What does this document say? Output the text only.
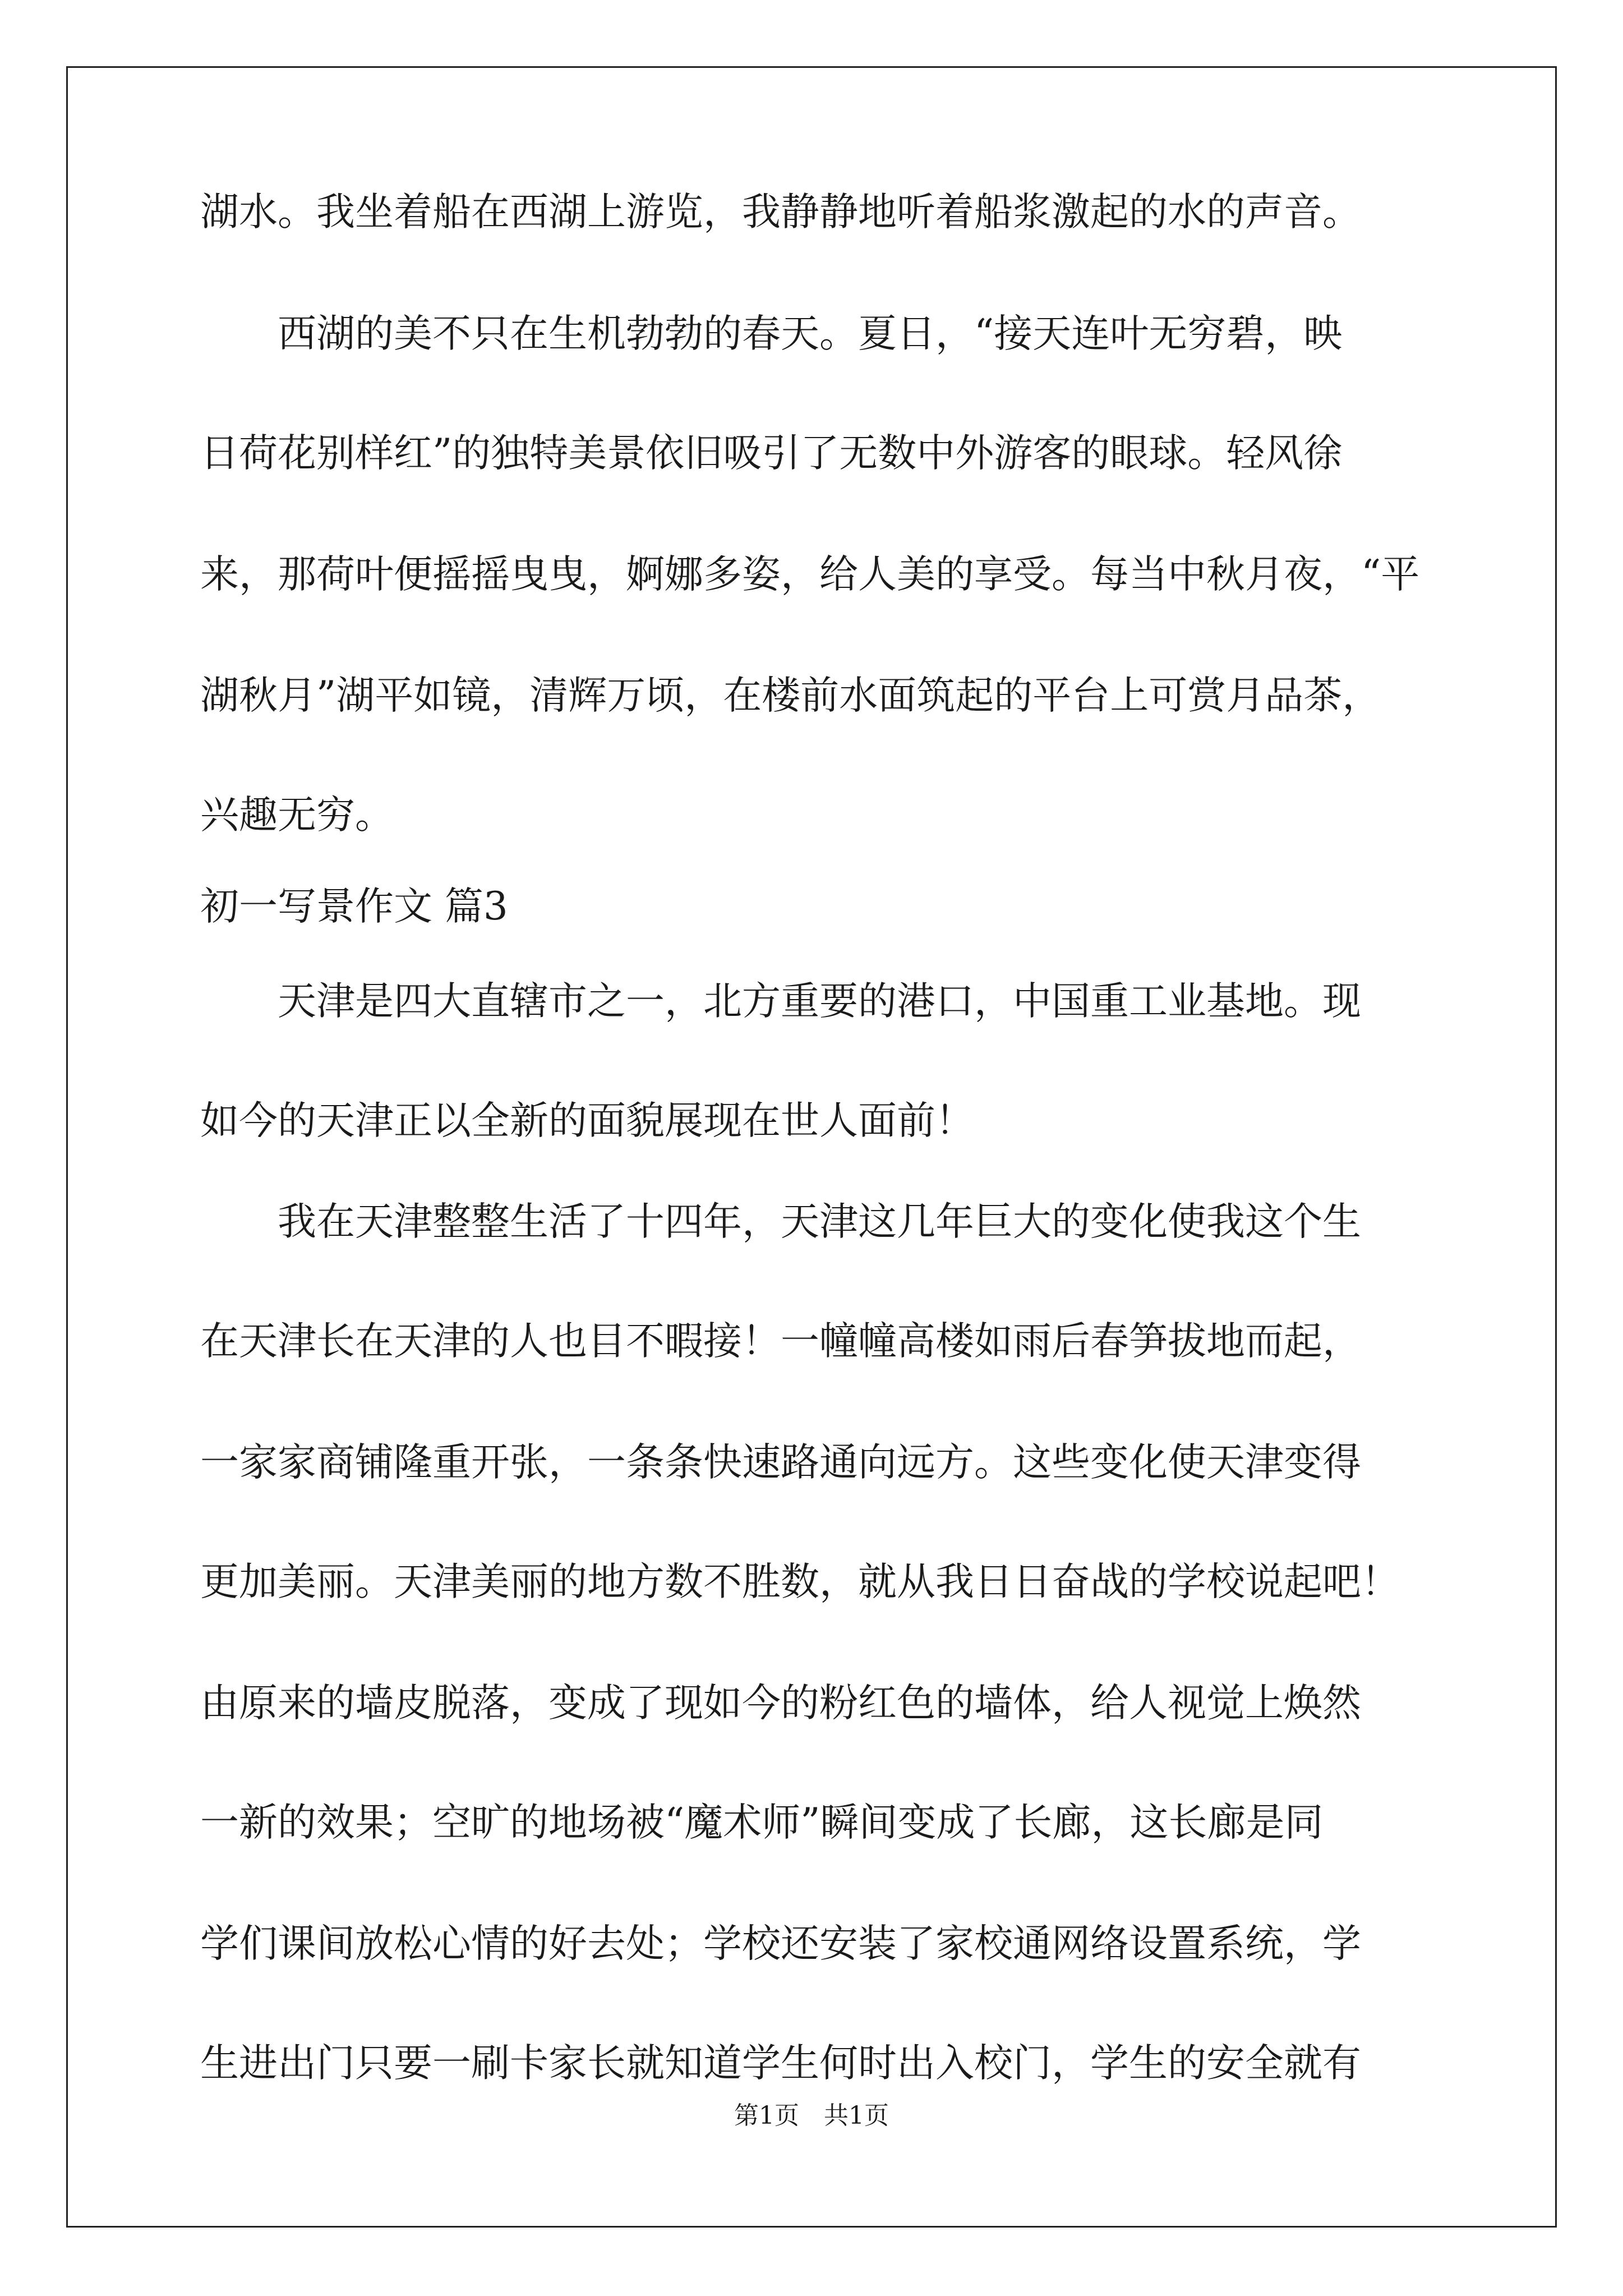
湖水。我坐着船在西湖上游览，我静静地听着船浆激起的水的声音。
　　西湖的美不只在生机勃勃的春天。夏日，“接天连叶无穷碧，映
日荷花别样红”的独特美景依旧吸引了无数中外游客的眼球。轻风徐
来，那荷叶便摇摇曳曳，婀娜多姿，给人美的享受。每当中秋月夜，“平
湖秋月”湖平如镜，清辉万顷，在楼前水面筑起的平台上可赏月品茶，
兴趣无穷。
初一写景作文 篇3
　　天津是四大直辖市之一，北方重要的港口，中国重工业基地。现
如今的天津正以全新的面貌展现在世人面前！
　　我在天津整整生活了十四年，天津这几年巨大的变化使我这个生
在天津长在天津的人也目不暇接！一幢幢高楼如雨后春笋拔地而起，
一家家商铺隆重开张，一条条快速路通向远方。这些变化使天津变得
更加美丽。天津美丽的地方数不胜数，就从我日日奋战的学校说起吧！
由原来的墙皮脱落，变成了现如今的粉红色的墙体，给人视觉上焕然
一新的效果；空旷的地场被“魔术师”瞬间变成了长廊，这长廊是同
学们课间放松心情的好去处；学校还安装了家校通网络设置系统，学
生进出门只要一刷卡家长就知道学生何时出入校门，学生的安全就有
第1页　共1页
